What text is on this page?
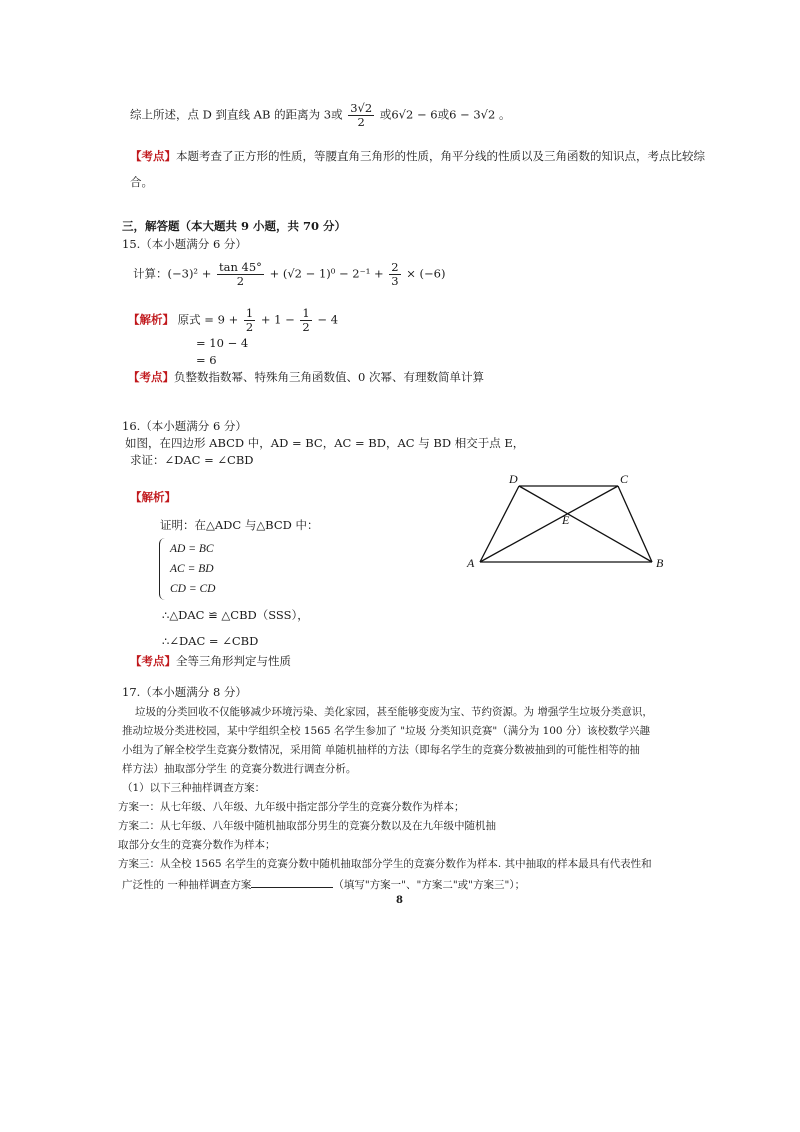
综上所述，点 D 到直线 AB 的距离为 3或 $\frac{3√2}{2}$ 或6√2 − 6或6 − 3√2 。
【考点】本题考查了正方形的性质，等腰直角三角形的性质，角平分线的性质以及三角函数的知识点，考点比较综
合。
三，解答题（本大题共 9 小题，共 70 分）
15.（本小题满分 6 分）
计算：$(-3)^2 + \frac{\tan 45^\circ}{2} + (√2 - 1)^0 - 2^{-1} + \frac{2}{3} \times (-6)$
【解析】 原式 = $9 + \frac{1}{2} + 1 - \frac{1}{2} - 4$
= 10 − 4
= 6
【考点】负整数指数幂、特殊角三角函数值、0 次幂、有理数简单计算
16.（本小题满分 6 分）
如图，在四边形 ABCD 中，AD = BC，AC = BD，AC 与 BD 相交于点 E，
求证：∠DAC = ∠CBD
【解析】
证明：在△ADC 与△BCD 中：
AD = BC
AC = BD
CD = CD
∴△DAC ≌ △CBD（SSS），
∴∠DAC = ∠CBD
【考点】全等三角形判定与性质
D	C
E
A	B
17.（本小题满分 8 分）
垃圾的分类回收不仅能够减少环境污染、美化家园，甚至能够变废为宝、节约资源。为 增强学生垃圾分类意识，
推动垃圾分类进校园，某中学组织全校 1565 名学生参加了 "垃圾 分类知识竞赛"（满分为 100 分）该校数学兴趣
小组为了解全校学生竞赛分数情况，采用简 单随机抽样的方法（即每名学生的竞赛分数被抽到的可能性相等的抽
样方法）抽取部分学生 的竞赛分数进行调查分析。
（1）以下三种抽样调查方案：
方案一：从七年级、八年级、九年级中指定部分学生的竞赛分数作为样本；
方案二：从七年级、八年级中随机抽取部分男生的竞赛分数以及在九年级中随机抽
取部分女生的竞赛分数作为样本；
方案三：从全校 1565 名学生的竞赛分数中随机抽取部分学生的竞赛分数作为样本. 其中抽取的样本最具有代表性和
广泛性的 一种抽样调查方案	（填写"方案一"、"方案二"或"方案三"）；
8
